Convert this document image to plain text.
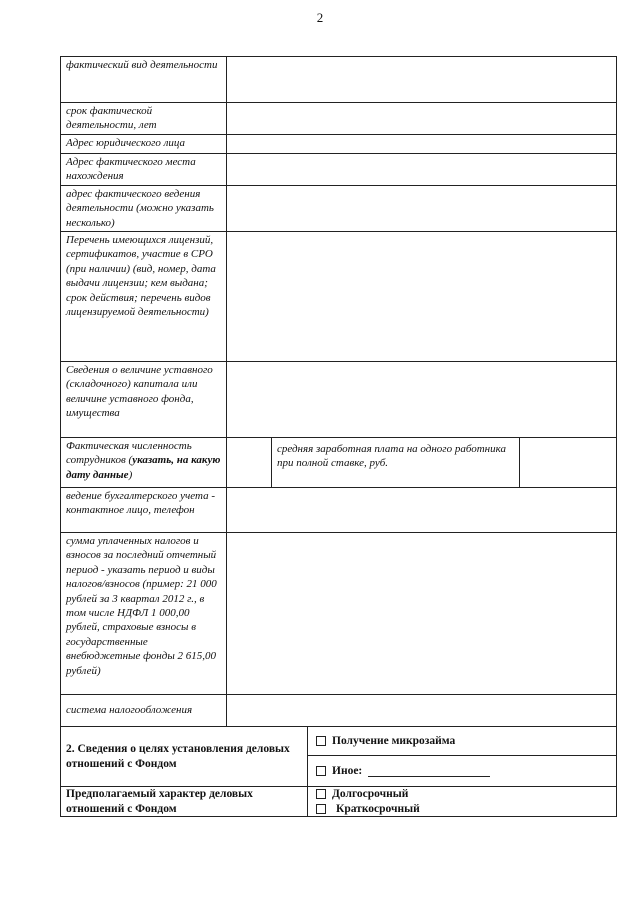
2
фактический вид деятельности
срок фактической деятельности, лет
Адрес юридического лица
Адрес фактического места нахождения
адрес фактического ведения деятельности (можно указать несколько)
Перечень имеющихся лицензий, сертификатов, участие в СРО (при наличии) (вид, номер, дата выдачи лицензии; кем выдана; срок действия; перечень видов лицензируемой деятельности)
Сведения о величине уставного (складочного) капитала или величине уставного фонда, имущества
Фактическая численность сотрудников (указать, на какую дату данные)
средняя заработная плата на одного работника при полной ставке, руб.
ведение бухгалтерского учета - контактное лицо, телефон
сумма уплаченных налогов и взносов за последний отчетный период - указать период и виды налогов/взносов (пример: 21 000 рублей за 3 квартал 2012 г., в том числе НДФЛ 1 000,00 рублей, страховые взносы в государственные внебюджетные фонды 2 615,00 рублей)
система налогообложения
2. Сведения о целях установления деловых отношений с Фондом
Получение микрозайма
Иное:
Предполагаемый характер деловых отношений с Фондом
Долгосрочный
Краткосрочный
